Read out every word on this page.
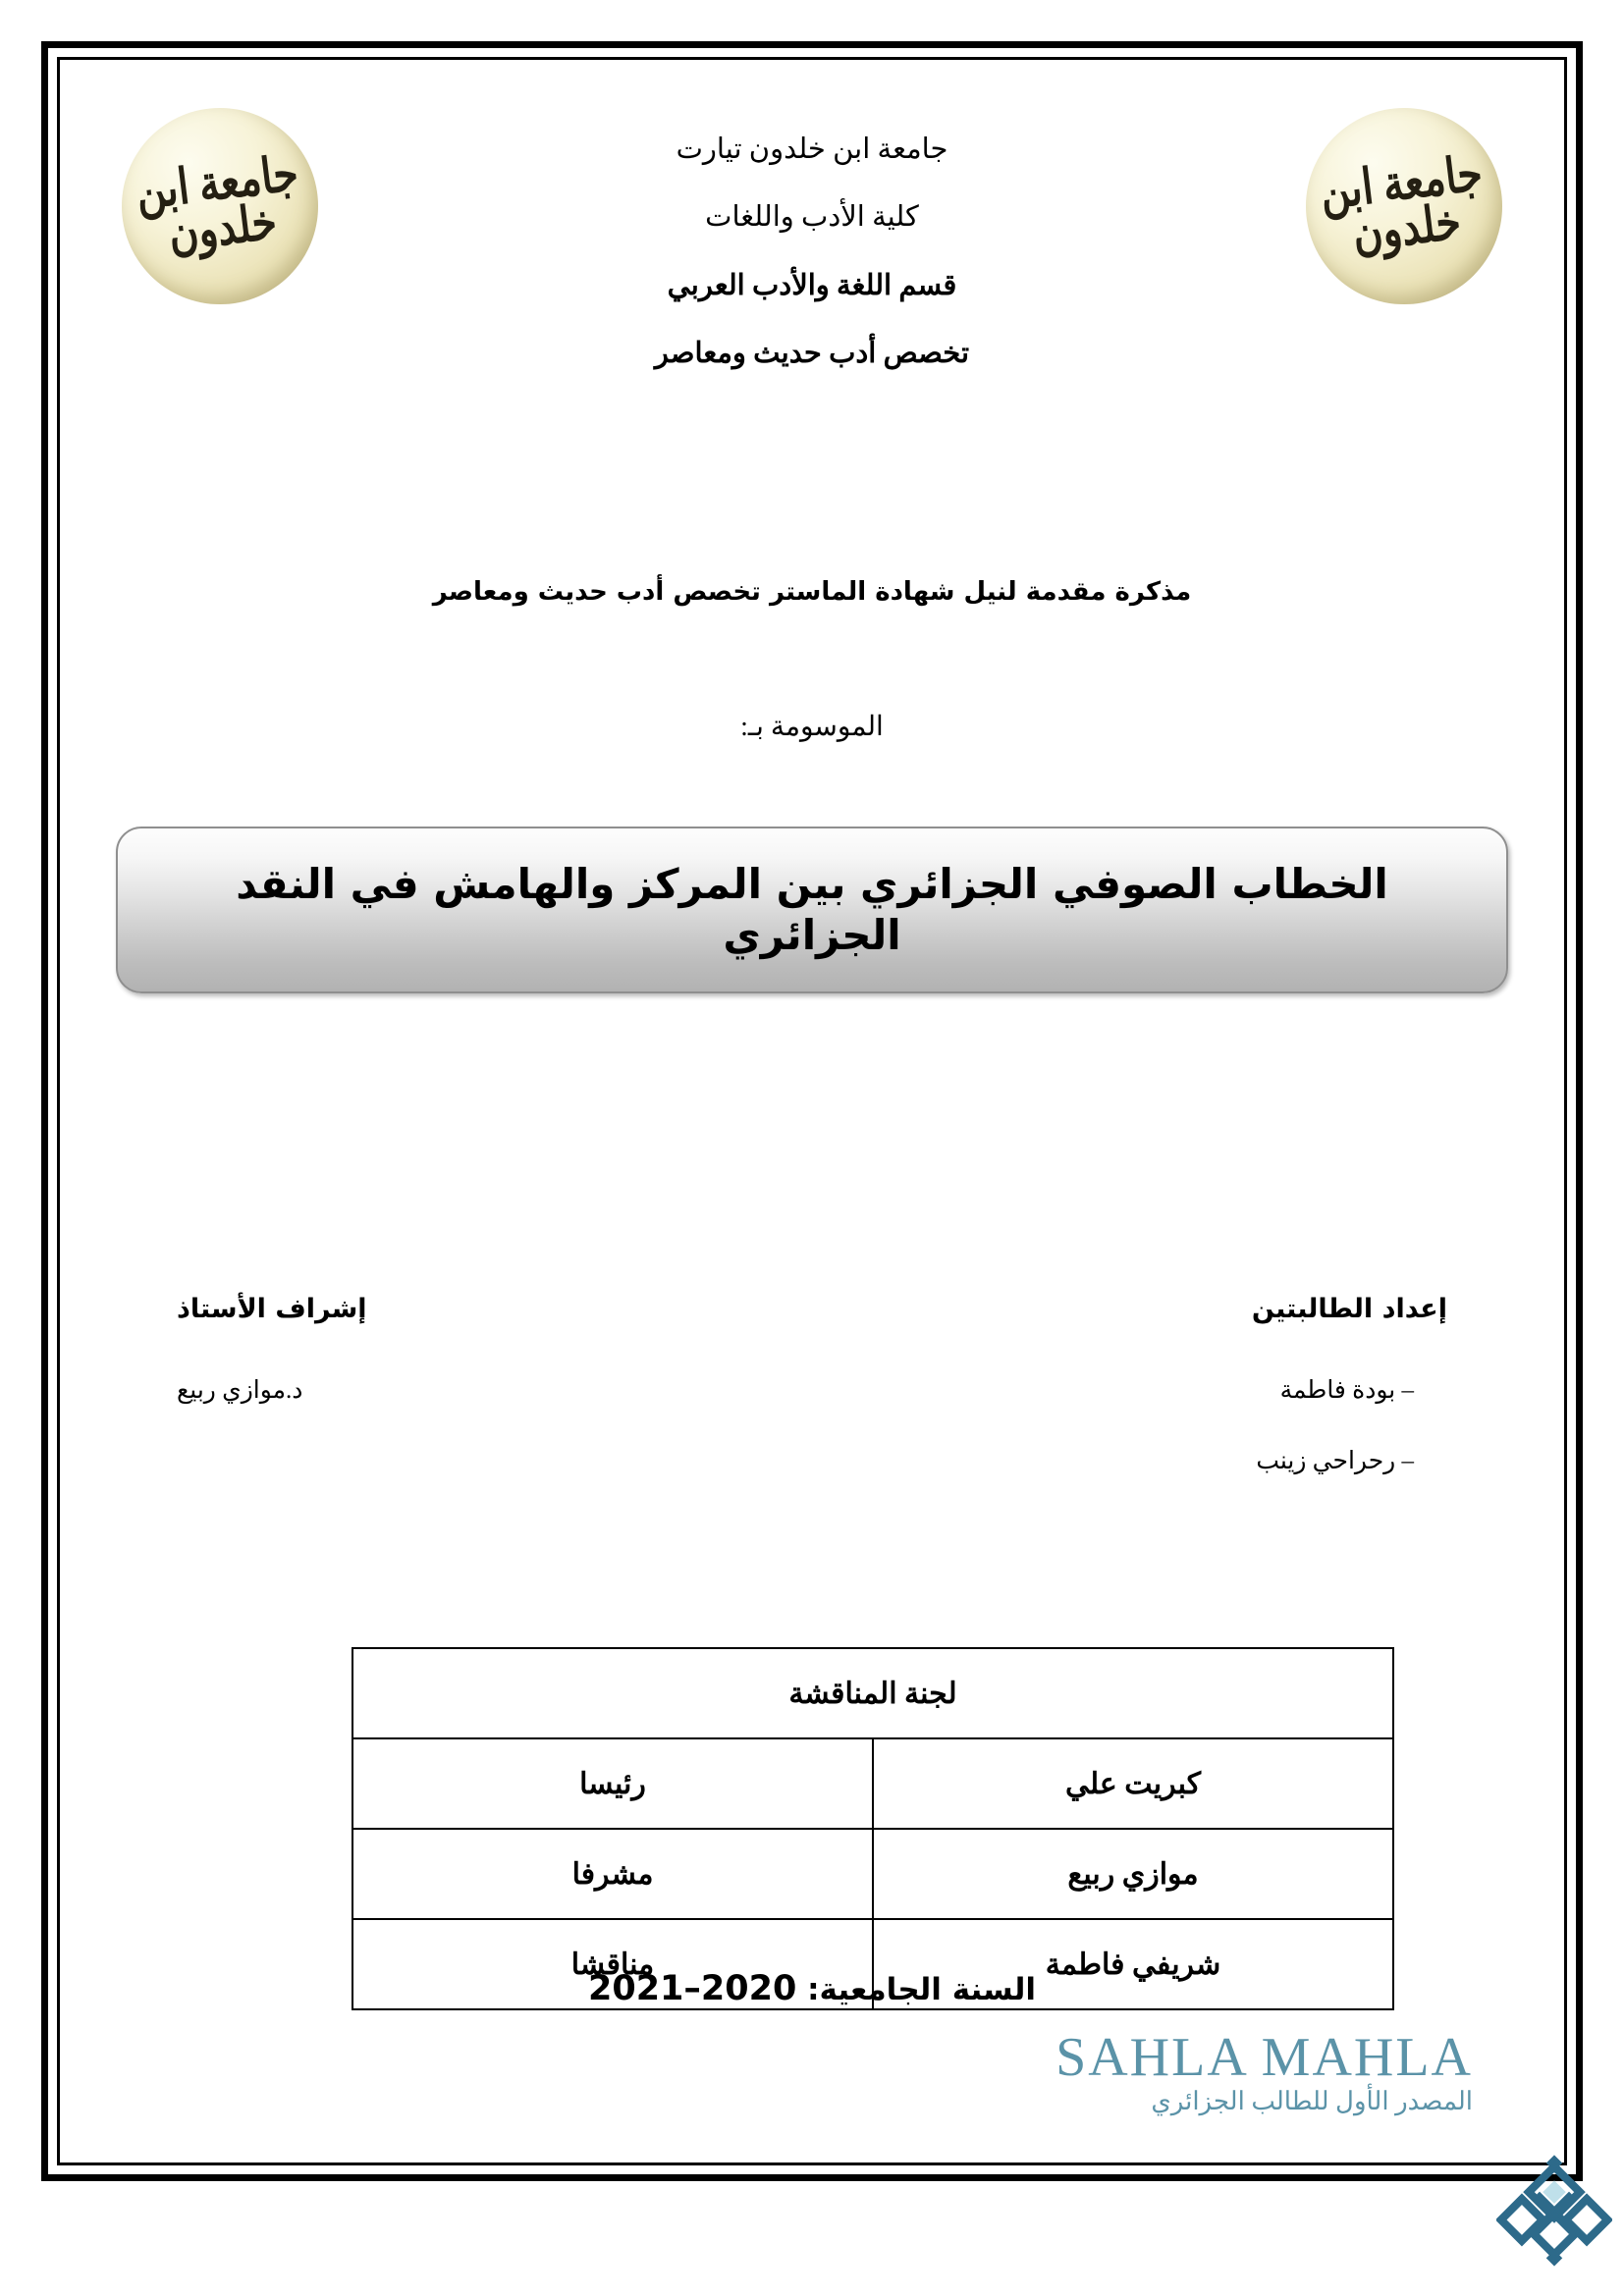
جامعة ابن خلدون
جامعة ابن خلدون
جامعة ابن خلدون تيارت
كلية الأدب واللغات
قسم اللغة والأدب العربي
تخصص أدب حديث ومعاصر
مذكرة مقدمة لنيل شهادة الماستر تخصص أدب حديث ومعاصر
الموسومة بـ:
الخطاب الصوفي الجزائري بين المركز والهامش في النقد الجزائري
إعداد الطالبتين
– بودة فاطمة
– رحراحي زينب
إشراف الأستاذ
د.موازي ربيع
لجنة المناقشة	
كبريت علي	رئيسا
موازي ربيع	مشرفا
شريفي فاطمة	مناقشا
السنة الجامعية: 2020–2021
SAHLA MAHLA
المصدر الأول للطالب الجزائري
